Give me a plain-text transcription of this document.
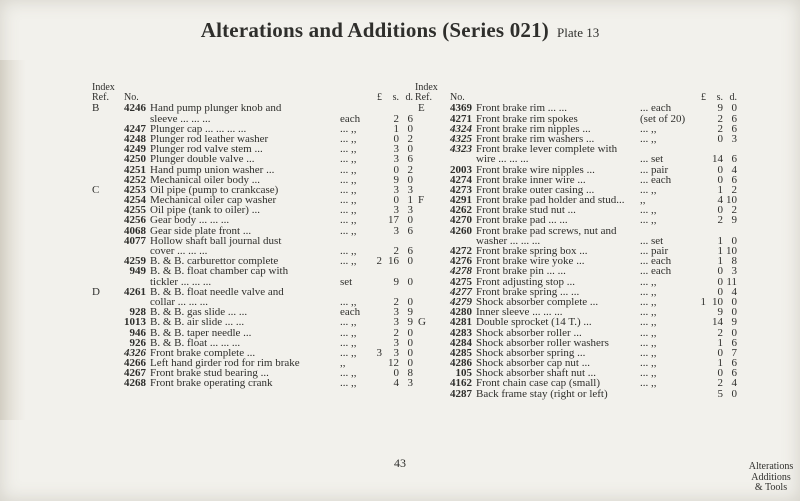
Alterations and Additions (Series 021) Plate 13
Index
Ref. No.	£	s. d.
B	4246 Hand pump plunger knob and
sleeve ... ... ...	each	2 6
4247 Plunger cap ... ... ... ...	... ,,	1 0
4248 Plunger rod leather washer	... ,,	0 2
4249 Plunger rod valve stem ...	... ,,	3 0
4250 Plunger double valve ...	... ,,	3 6
4251 Hand pump union washer ...	... ,,	0 2
4252 Mechanical oiler body ...	... ,,	9 0
C	4253 Oil pipe (pump to crankcase)	... ,,	3 3
4254 Mechanical oiler cap washer	... ,,	0 1
4255 Oil pipe (tank to oiler) ...	... ,,	3 3
4256 Gear body ... ... ...	... ,,	17 0
4068 Gear side plate front ...	... ,,	3 6
4077 Hollow shaft ball journal dust
cover ... ... ...	... ,,	2 6
4259 B. & B. carburettor complete	... ,,	2 16 0
949 B. & B. float chamber cap with
tickler ... ... ...	set	9 0
D	4261 B. & B. float needle valve and
collar ... ... ...	... ,,	2 0
928 B. & B. gas slide ... ...	each	3 9
1013 B. & B. air slide ... ...	... ,,	3 9
946 B. & B. taper needle ...	... ,,	2 0
926 B. & B. float ... ... ...	... ,,	3 0
4326 Front brake complete ...	... ,,	3	3 0
4266 Left hand girder rod for rim brake	,,	12 0
4267 Front brake stud bearing ...	... ,,	0 8
4268 Front brake operating crank	... ,,	4 3
Index
Ref. No.	£	s. d.
E	4369 Front brake rim ... ...	... each	9 0
4271 Front brake rim spokes	(set of 20)	2 6
4324 Front brake rim nipples ...	... ,,	2 6
4325 Front brake rim washers ...	... ,,	0 3
4323 Front brake lever complete with
wire ... ... ...	... set	14 6
2003 Front brake wire nipples ...	... pair	0 4
4274 Front brake inner wire ...	... each	0 6
4273 Front brake outer casing ...	... ,,	1 2
F	4291 Front brake pad holder and stud... ,,	4 10
4262 Front brake stud nut ...	... ,,	0 2
4270 Front brake pad ... ...	... ,,	2 9
4260 Front brake pad screws, nut and
washer ... ... ...	... set	1 0
4272 Front brake spring box ...	... pair	1 10
4276 Front brake wire yoke ...	... each	1 8
4278 Front brake pin ... ...	... each	0 3
4275 Front adjusting stop ...	... ,,	0 11
4277 Front brake spring ... ...	... ,,	0 4
4279 Shock absorber complete ...	... ,,	1 10 0
4280 Inner sleeve ... ... ...	... ,,	9 0
G	4281 Double sprocket (14 T.) ...	... ,,	14 9
4283 Shock absorber roller ...	... ,,	2 0
4284 Shock absorber roller washers	... ,,	1 6
4285 Shock absorber spring ...	... ,,	0 7
4286 Shock absorber cap nut ...	... ,,	1 6
105 Shock absorber shaft nut ...	... ,,	0 6
4162 Front chain case cap (small)	... ,,	2 4
4287 Back frame stay (right or left)	5 0
43	Alterations
Additions
& Tools
